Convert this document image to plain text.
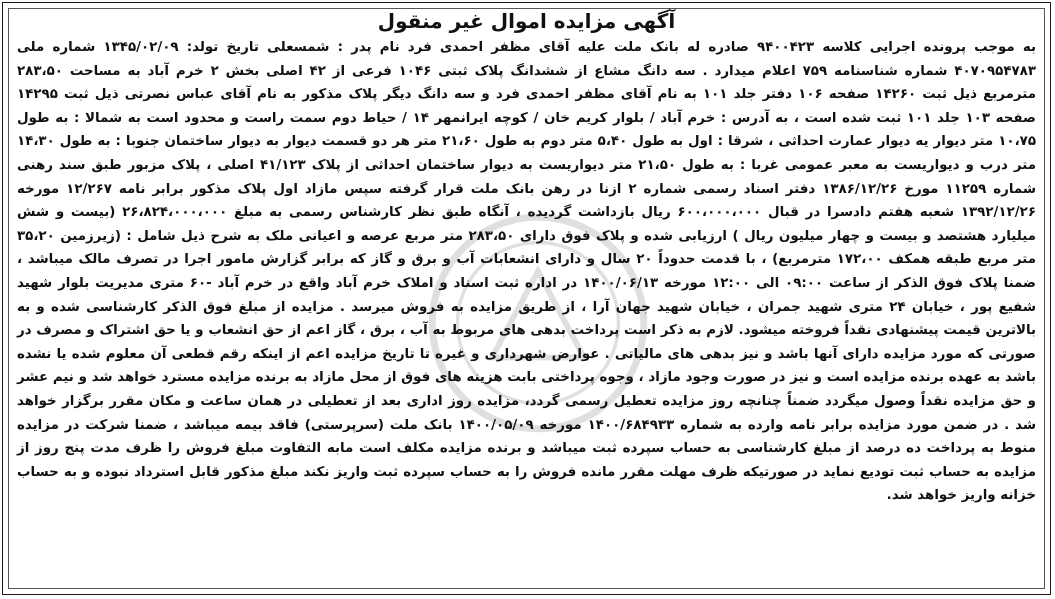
آگهی مزایده اموال غیر منقول
به موجب پرونده اجرایی کلاسه ۹۴۰۰۴۲۳ صادره له بانک ملت علیه آقای مظفر احمدی فرد نام پدر : شمسعلی تاریخ تولد: ۱۳۴۵/۰۲/۰۹ شماره ملی ۴۰۷۰۹۵۴۷۸۳ شماره شناسنامه ۷۵۹ اعلام میدارد . سه دانگ مشاع از ششدانگ پلاک ثبتی ۱۰۴۶ فرعی از ۴۲ اصلی بخش ۲ خرم آباد به مساحت ۲۸۳،۵۰ مترمربع ذیل ثبت ۱۴۲۶۰ صفحه ۱۰۶ دفتر جلد ۱۰۱ به نام آقای مظفر احمدی فرد و سه دانگ دیگر پلاک مذکور به نام آقای عباس نصرتی ذیل ثبت ۱۴۲۹۵ صفحه ۱۰۳ جلد ۱۰۱ ثبت شده است ، به آدرس : خرم آباد / بلوار کریم خان / کوچه ایرانمهر ۱۴ / حیاط دوم سمت راست و محدود است به شمالا : به طول ۱۰،۷۵ متر دیوار یه دیوار عمارت احداثی ، شرقا : اول به طول ۵،۴۰ متر دوم به طول ۲۱،۶۰ متر هر دو قسمت دیوار به دیوار ساختمان جنوبا : به طول ۱۴،۳۰ متر درب و دیواریست به معبر عمومی غربا : به طول ۲۱،۵۰ متر دیواریست به دیوار ساختمان احداثی از پلاک ۴۱/۱۲۳ اصلی ، پلاک مزبور طبق سند رهنی شماره ۱۱۲۵۹ مورخ ۱۳۸۶/۱۲/۲۶ دفتر اسناد رسمی شماره ۲ ازنا در رهن بانک ملت قرار گرفته سپس مازاد اول پلاک مذکور برابر نامه ۱۲/۲۶۷ مورخه ۱۳۹۲/۱۲/۲۶ شعبه هفتم دادسرا در قبال ۶۰۰،۰۰۰،۰۰۰ ریال بازداشت گردیده ، آنگاه طبق نظر کارشناس رسمی به مبلغ ۲۶،۸۲۴،۰۰۰،۰۰۰ (بیست و شش میلیارد هشتصد و بیست و چهار میلیون ریال ) ارزیابی شده و پلاک فوق دارای ۲۸۳،۵۰ متر مربع عرصه و اعیانی ملک به شرح ذیل شامل : (زیرزمین ۳۵،۲۰ متر مربع طبقه همکف ۱۷۲،۰۰ مترمربع) ، با قدمت حدوداً ۲۰ سال و دارای انشعابات آب و برق و گاز که برابر گزارش مامور اجرا در تصرف مالک میباشد ، ضمنا پلاک فوق الذکر از ساعت ۰۹:۰۰ الی ۱۲:۰۰ مورخه ۱۴۰۰/۰۶/۱۳ در اداره ثبت اسناد و املاک خرم آباد واقع در خرم آباد -۶۰ متری مدیریت بلوار شهید شفیع پور ، خیابان ۲۴ متری شهید جمران ، خیابان شهید جهان آرا ، از طریق مزایده به فروش میرسد . مزایده از مبلغ فوق الذکر کارشناسی شده و به بالاترین قیمت پیشنهادی نقداً فروخته میشود. لازم به ذکر است پرداخت بدهی های مربوط به آب ، برق ، گاز اعم از حق انشعاب و یا حق اشتراک و مصرف در صورتی که مورد مزایده دارای آنها باشد و نیز بدهی های مالیاتی . عوارض شهرداری و غیره تا تاریخ مزایده اعم از اینکه رقم قطعی آن معلوم شده یا نشده باشد به عهده برنده مزایده است و نیز در صورت وجود مازاد ، وجوه پرداختی بابت هزینه های فوق از محل مازاد به برنده مزایده مسترد خواهد شد و نیم عشر و حق مزایده نقداً وصول میگردد ضمناً چنانچه روز مزایده تعطیل رسمی گردد، مزایده روز اداری بعد از تعطیلی در همان ساعت و مکان مقرر برگزار خواهد شد . در ضمن مورد مزایده برابر نامه وارده به شماره ۱۴۰۰/۶۸۴۹۳۳ مورخه ۱۴۰۰/۰۵/۰۹ بانک ملت (سرپرستی) فاقد بیمه میباشد ، ضمنا شرکت در مزایده منوط به پرداخت ده درصد از مبلغ کارشناسی به حساب سپرده ثبت میباشد و برنده مزایده مکلف است مابه التفاوت مبلغ فروش را ظرف مدت پنج روز از مزایده به حساب ثبت توديع نمايد در صورتیکه ظرف مهلت مقرر مانده فروش را به حساب سپرده ثبت واریز نکند مبلغ مذکور قابل استرداد نبوده و به حساب خزانه واریز خواهد شد.
